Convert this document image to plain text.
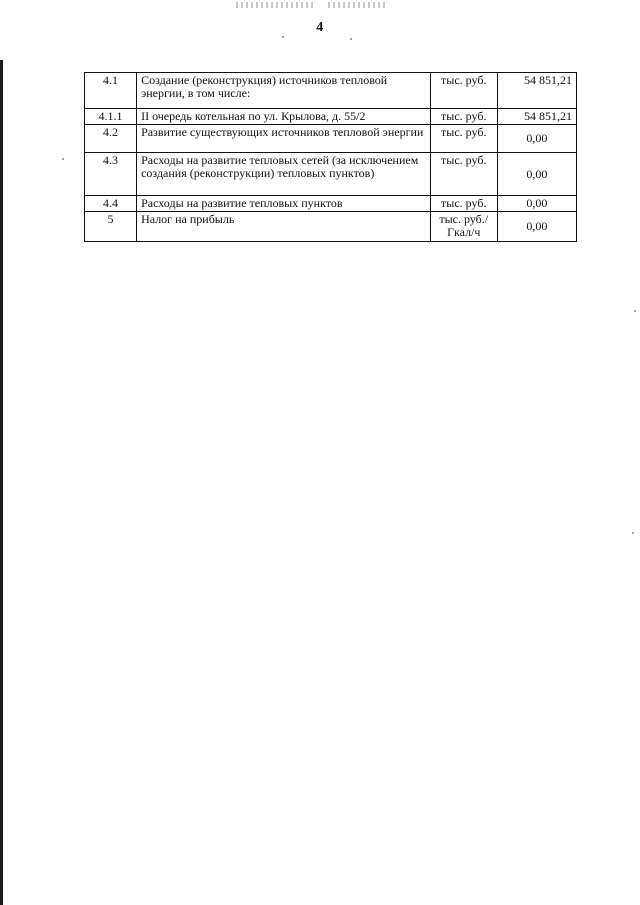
4
4.1	Создание (реконструкция) источников тепловой энергии, в том числе:	тыс. руб.	54 851,21
4.1.1	II очередь котельная по ул. Крылова, д. 55/2	тыс. руб.	54 851,21
4.2	Развитие существующих источников тепловой энергии	тыс. руб.	0,00
4.3	Расходы на развитие тепловых сетей (за исключением создания (реконструкции) тепловых пунктов)	тыс. руб.	0,00
4.4	Расходы на развитие тепловых пунктов	тыс. руб.	0,00
5	Налог на прибыль	тыс. руб./Гкал/ч	0,00
